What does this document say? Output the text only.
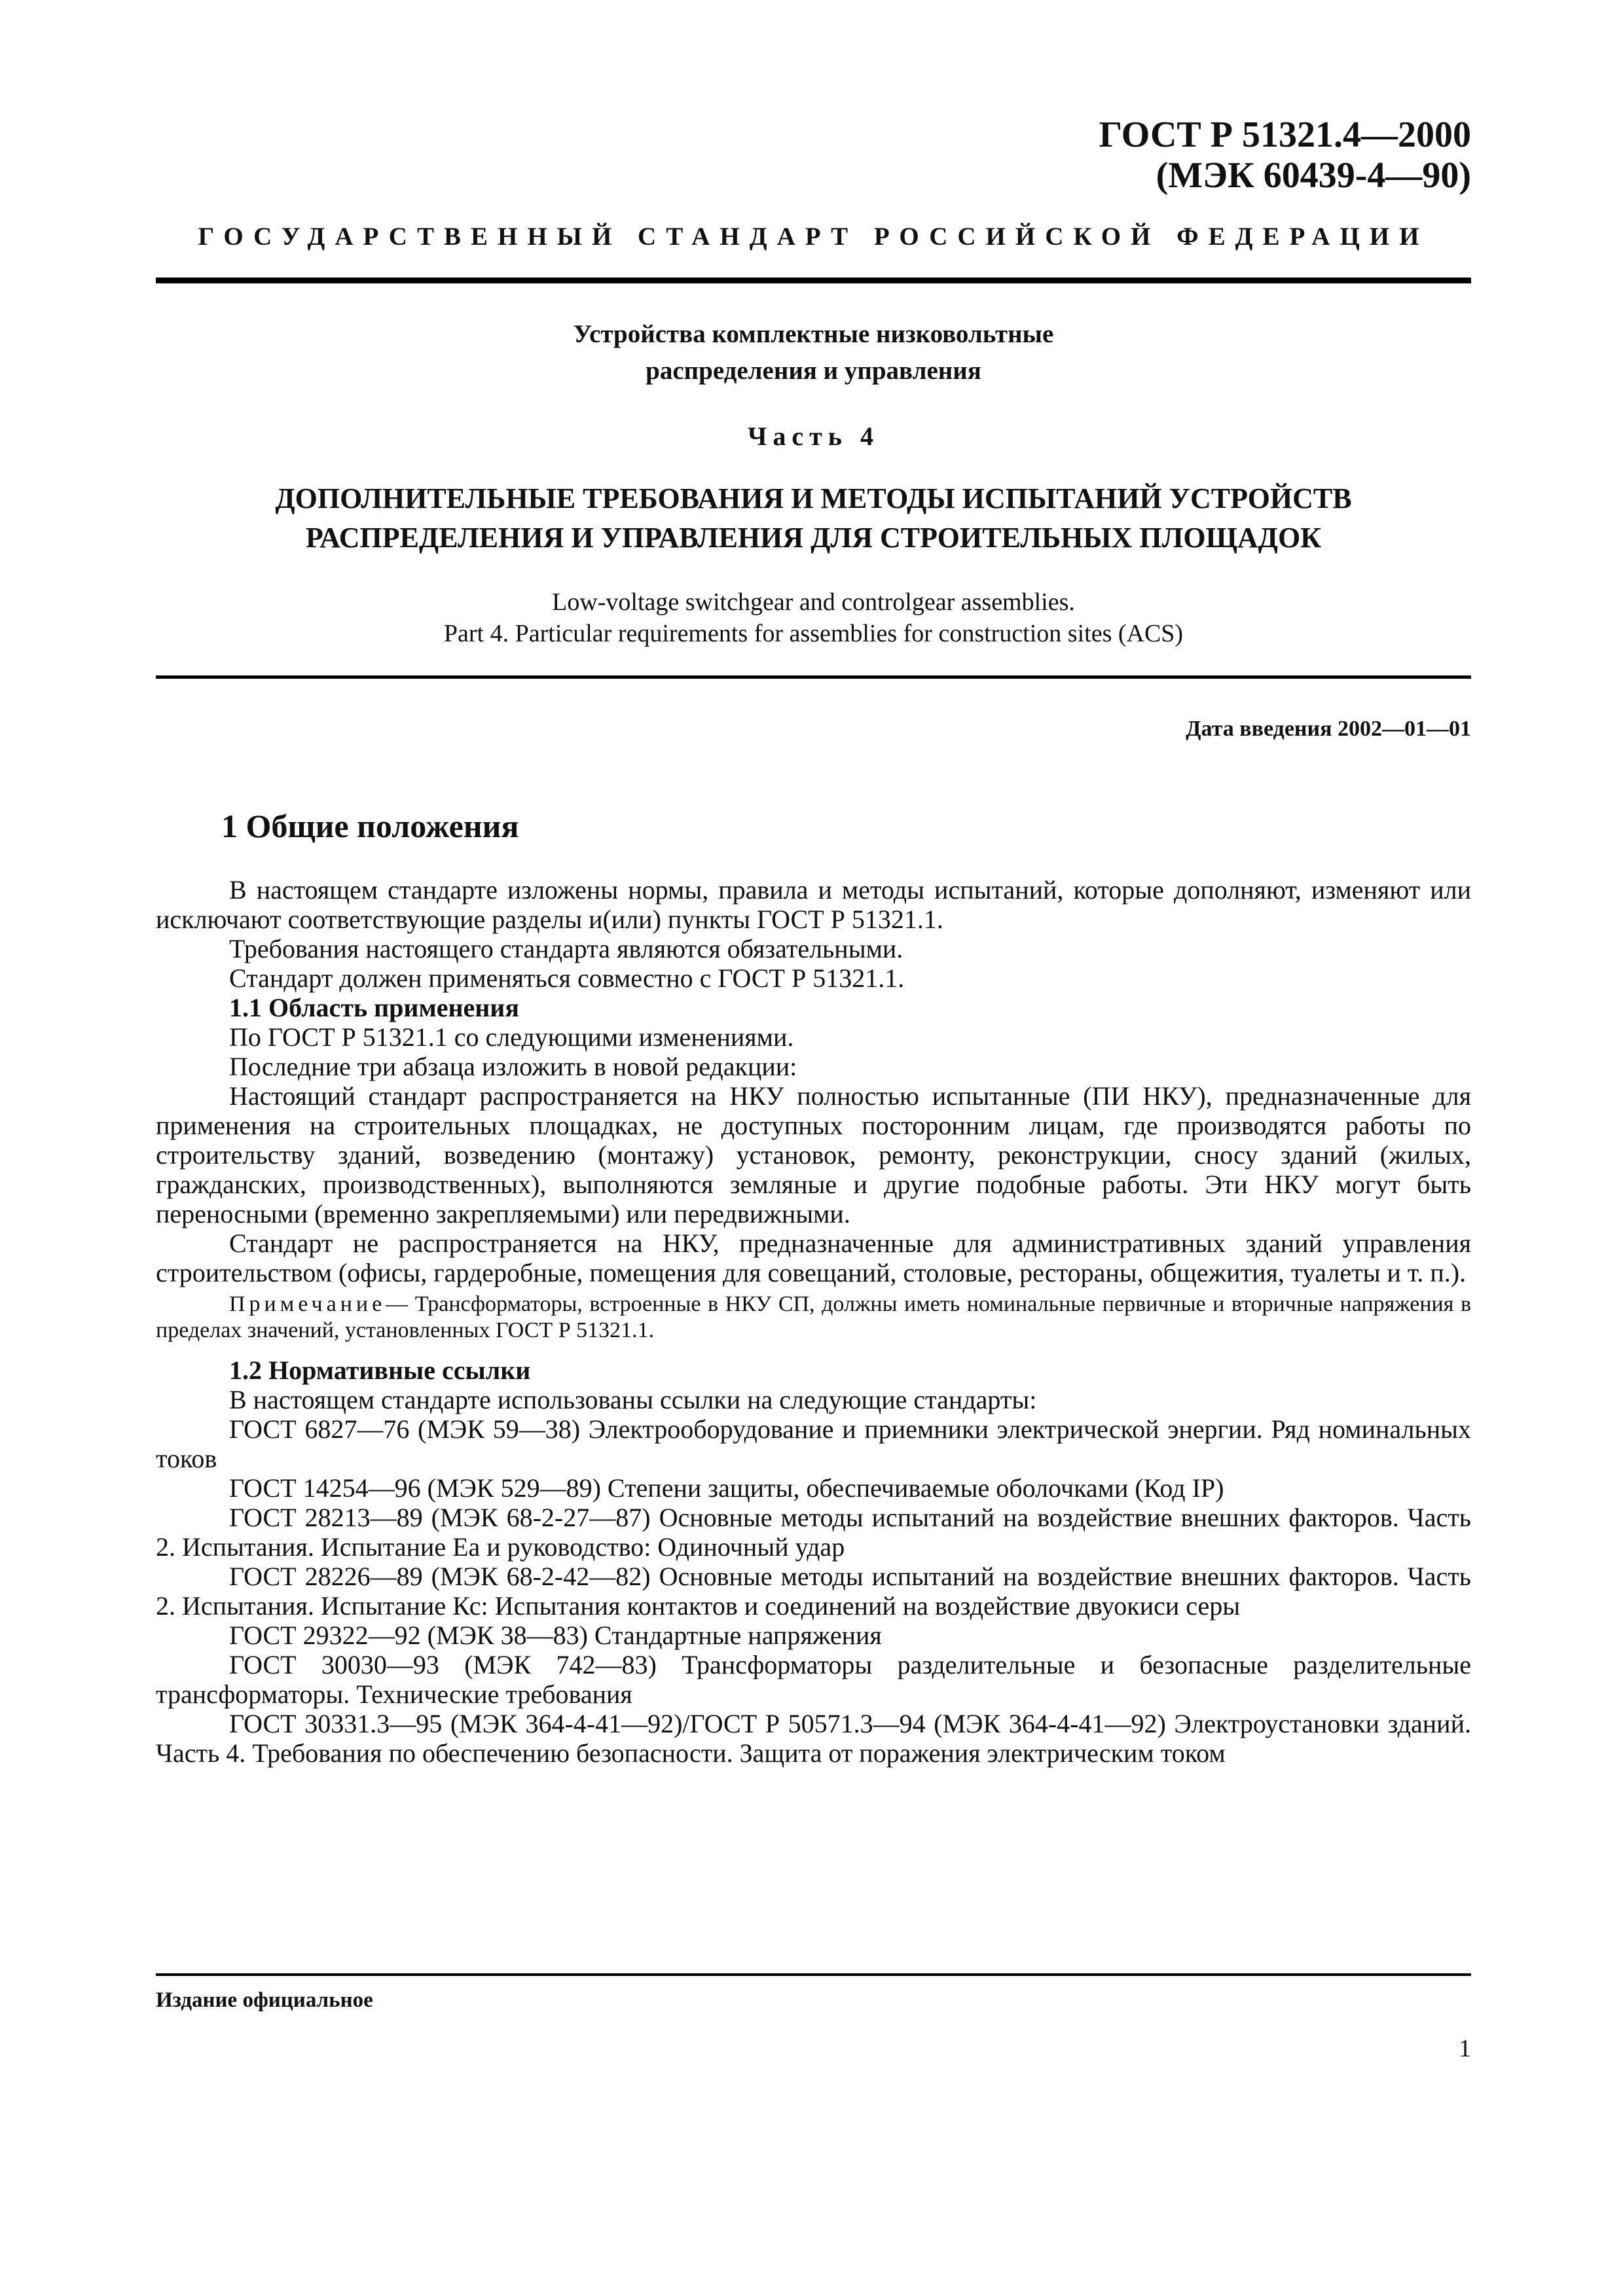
ГОСТ Р 51321.4—2000
(МЭК 60439-4—90)
ГОСУДАРСТВЕННЫЙ СТАНДАРТ РОССИЙСКОЙ ФЕДЕРАЦИИ
Устройства комплектные низковольтные
распределения и управления
Часть 4
ДОПОЛНИТЕЛЬНЫЕ ТРЕБОВАНИЯ И МЕТОДЫ ИСПЫТАНИЙ УСТРОЙСТВ
РАСПРЕДЕЛЕНИЯ И УПРАВЛЕНИЯ ДЛЯ СТРОИТЕЛЬНЫХ ПЛОЩАДОК
Low-voltage switchgear and controlgear assemblies.
Part 4. Particular requirements for assemblies for construction sites (ACS)
Дата введения 2002—01—01
1 Общие положения

В настоящем стандарте изложены нормы, правила и методы испытаний, которые дополняют, изменяют или исключают соответствующие разделы и(или) пункты ГОСТ Р 51321.1.

Требования настоящего стандарта являются обязательными.

Стандарт должен применяться совместно с ГОСТ Р 51321.1.

1.1 Область применения

По ГОСТ Р 51321.1 со следующими изменениями.

Последние три абзаца изложить в новой редакции:

Настоящий стандарт распространяется на НКУ полностью испытанные (ПИ НКУ), предназначенные для применения на строительных площадках, не доступных посторонним лицам, где производятся работы по строительству зданий, возведению (монтажу) установок, ремонту, реконструкции, сносу зданий (жилых, гражданских, производственных), выполняются земляные и другие подобные работы. Эти НКУ могут быть переносными (временно закрепляемыми) или передвижными.

Стандарт не распространяется на НКУ, предназначенные для административных зданий управления строительством (офисы, гардеробные, помещения для совещаний, столовые, рестораны, общежития, туалеты и т. п.).

Примечание— Трансформаторы, встроенные в НКУ СП, должны иметь номинальные первичные и вторичные напряжения в пределах значений, установленных ГОСТ Р 51321.1.

1.2 Нормативные ссылки

В настоящем стандарте использованы ссылки на следующие стандарты:

ГОСТ 6827—76 (МЭК 59—38) Электрооборудование и приемники электрической энергии. Ряд номинальных токов

ГОСТ 14254—96 (МЭК 529—89) Степени защиты, обеспечиваемые оболочками (Код IP)

ГОСТ 28213—89 (МЭК 68-2-27—87) Основные методы испытаний на воздействие внешних факторов. Часть 2. Испытания. Испытание Еа и руководство: Одиночный удар

ГОСТ 28226—89 (МЭК 68-2-42—82) Основные методы испытаний на воздействие внешних факторов. Часть 2. Испытания. Испытание Кс: Испытания контактов и соединений на воздействие двуокиси серы

ГОСТ 29322—92 (МЭК 38—83) Стандартные напряжения

ГОСТ 30030—93 (МЭК 742—83) Трансформаторы разделительные и безопасные разделительные трансформаторы. Технические требования

ГОСТ 30331.3—95 (МЭК 364-4-41—92)/ГОСТ Р 50571.3—94 (МЭК 364-4-41—92) Электроустановки зданий. Часть 4. Требования по обеспечению безопасности. Защита от поражения электрическим током

Издание официальное
1
